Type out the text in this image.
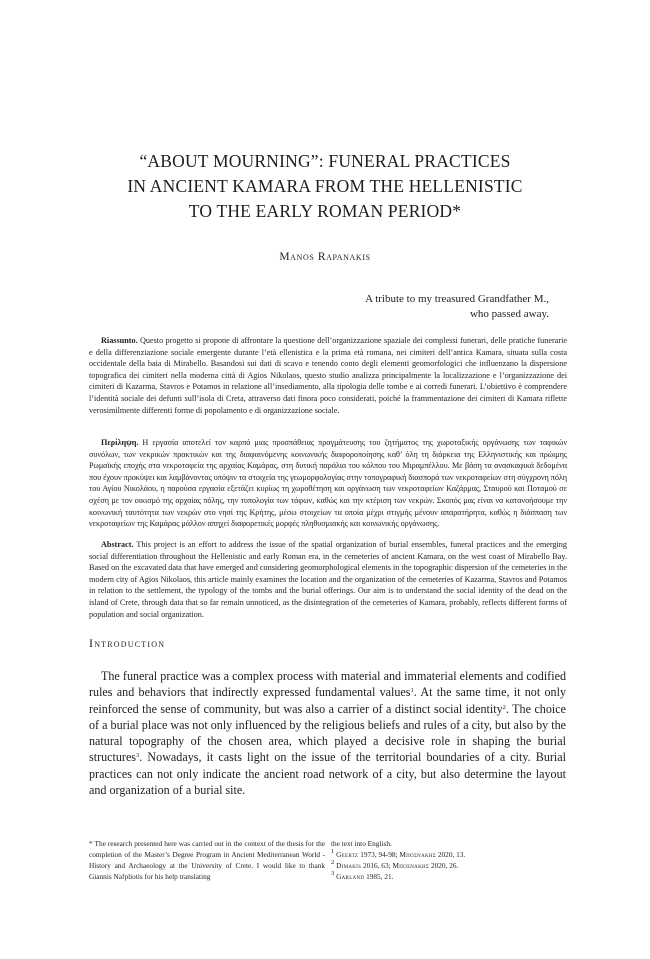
“ABOUT MOURNING”: FUNERAL PRACTICES
IN ANCIENT KAMARA FROM THE HELLENISTIC
TO THE EARLY ROMAN PERIOD*
Manos Rapanakis
A tribute to my treasured Grandfather M.,
who passed away.
Riassunto. Questo progetto si propone di affrontare la questione dell’organizzazione spaziale dei complessi funerari, delle pratiche funerarie e della differenziazione sociale emergente durante l’età ellenistica e la prima età romana, nei cimiteri dell’antica Kamara, situata sulla costa occidentale della baia di Mirabello. Basandosi sui dati di scavo e tenendo conto degli elementi geomorfologici che influenzano la dispersione topografica dei cimiteri nella moderna città di Agios Nikolaos, questo studio analizza principalmente la localizzazione e l’organizzazione dei cimiteri di Kazarma, Stavros e Potamos in relazione all’insediamento, alla tipologia delle tombe e ai corredi funerari. L’obiettivo è comprendere l’identità sociale dei defunti sull’isola di Creta, attraverso dati finora poco considerati, poiché la frammentazione dei cimiteri di Kamara riflette verosimilmente differenti forme di popolamento e di organizzazione sociale.
Περίληψη. Η εργασία αποτελεί τον καρπό μιας προσπάθειας πραγμάτευσης του ζητήματος της χωροταξικής οργάνωσης των ταφικών συνόλων, των νεκρικών πρακτικών και της διαφαινόμενης κοινωνικής διαφοροποίησης καθ’ όλη τη διάρκεια της Ελληνιστικής και πρώιμης Ρωμαϊκής εποχής στα νεκροταφεία της αρχαίας Καμάρας, στη δυτική παράλια του κόλπου του Μιραμπέλλου. Με βάση τα ανασκαφικά δεδομένα που έχουν προκύψει και λαμβάνοντας υπόψιν τα στοιχεία της γεωμορφολογίας στην τοπογραφική διασπορά των νεκροταφείων στη σύγχρονη πόλη του Αγίου Νικολάου, η παρούσα εργασία εξετάζει κυρίως τη χωροθέτηση και οργάνωση των νεκροταφείων Καζάρμας, Σταυρού και Ποταμού σε σχέση με τον οικισμό της αρχαίας πόλης, την τυπολογία των τάφων, καθώς και την κτέριση των νεκρών. Σκοπός μας είναι να κατανοήσουμε την κοινωνική ταυτότητα των νεκρών στο νησί της Κρήτης, μέσω στοιχείων τα οποία μέχρι στιγμής μένουν απαρατήρητα, καθώς η διάσπαση των νεκροταφείων της Καμάρας μάλλον απηχεί διαφορετικές μορφές πληθυσμιακής και κοινωνικής οργάνωσης.
Abstract. This project is an effort to address the issue of the spatial organization of burial ensembles, funeral practices and the emerging social differentiation throughout the Hellenistic and early Roman era, in the cemeteries of ancient Kamara, on the west coast of Mirabello Bay. Based on the excavated data that have emerged and considering geomorphological elements in the topographic dispersion of the cemeteries in the modern city of Agios Nikolaos, this article mainly examines the location and the organization of the cemeteries of Kazarma, Stavros and Potamos in relation to the settlement, the typology of the tombs and the burial offerings. Our aim is to understand the social identity of the dead on the island of Crete, through data that so far remain unnoticed, as the disintegration of the cemeteries of Kamara, probably, reflects different forms of population and social organization.
Introduction
The funeral practice was a complex process with material and immaterial elements and codified rules and behaviors that indirectly expressed fundamental values$^1$. At the same time, it not only reinforced the sense of community, but was also a carrier of a distinct social identity$^2$. The choice of a burial place was not only influenced by the religious beliefs and rules of a city, but also by the natural topography of the chosen area, which played a decisive role in shaping the burial structures$^3$. Nowadays, it casts light on the issue of the territorial boundaries of a city. Burial practices can not only indicate the ancient road network of a city, but also determine the layout and organization of a burial site.
* The research presented here was carried out in the context of the thesis for the completion of the Master’s Degree Program in Ancient Mediterranean World - History and Archaeology at the University of Crete. I would like to thank Giannis Nafpliotis for his help translating
the text into English.
$^1$ Geertz 1973, 94-98; Μποσνακης 2020, 13.
$^2$ Dimakis 2016, 63; Μποσνακης 2020, 26.
$^3$ Garland 1985, 21.
